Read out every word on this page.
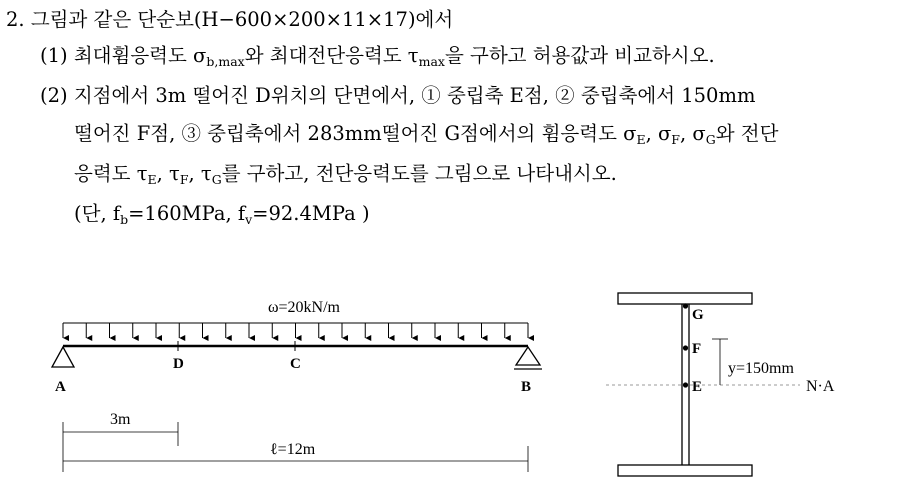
2. 그림과 같은 단순보(H−600×200×11×17)에서
(1) 최대휨응력도 $\sigma_{b,max}$와 최대전단응력도 $\tau_{max}$을 구하고 허용값과 비교하시오.
(2) 지점에서 3m 떨어진 D위치의 단면에서, ① 중립축 E점, ② 중립축에서 150mm
떨어진 F점, ③ 중립축에서 283mm떨어진 G점에서의 휨응력도 $\sigma_E$, $\sigma_F$, $\sigma_G$와 전단
응력도 $\tau_E$, $\tau_F$, $\tau_G$를 구하고, 전단응력도를 그림으로 나타내시오.
(단, $f_b=160MPa$, $f_v=92.4MPa$ )
ω=20kN/m
D	C
A	B
3m
ℓ=12m
N·A
G
F
E
y=150mm
